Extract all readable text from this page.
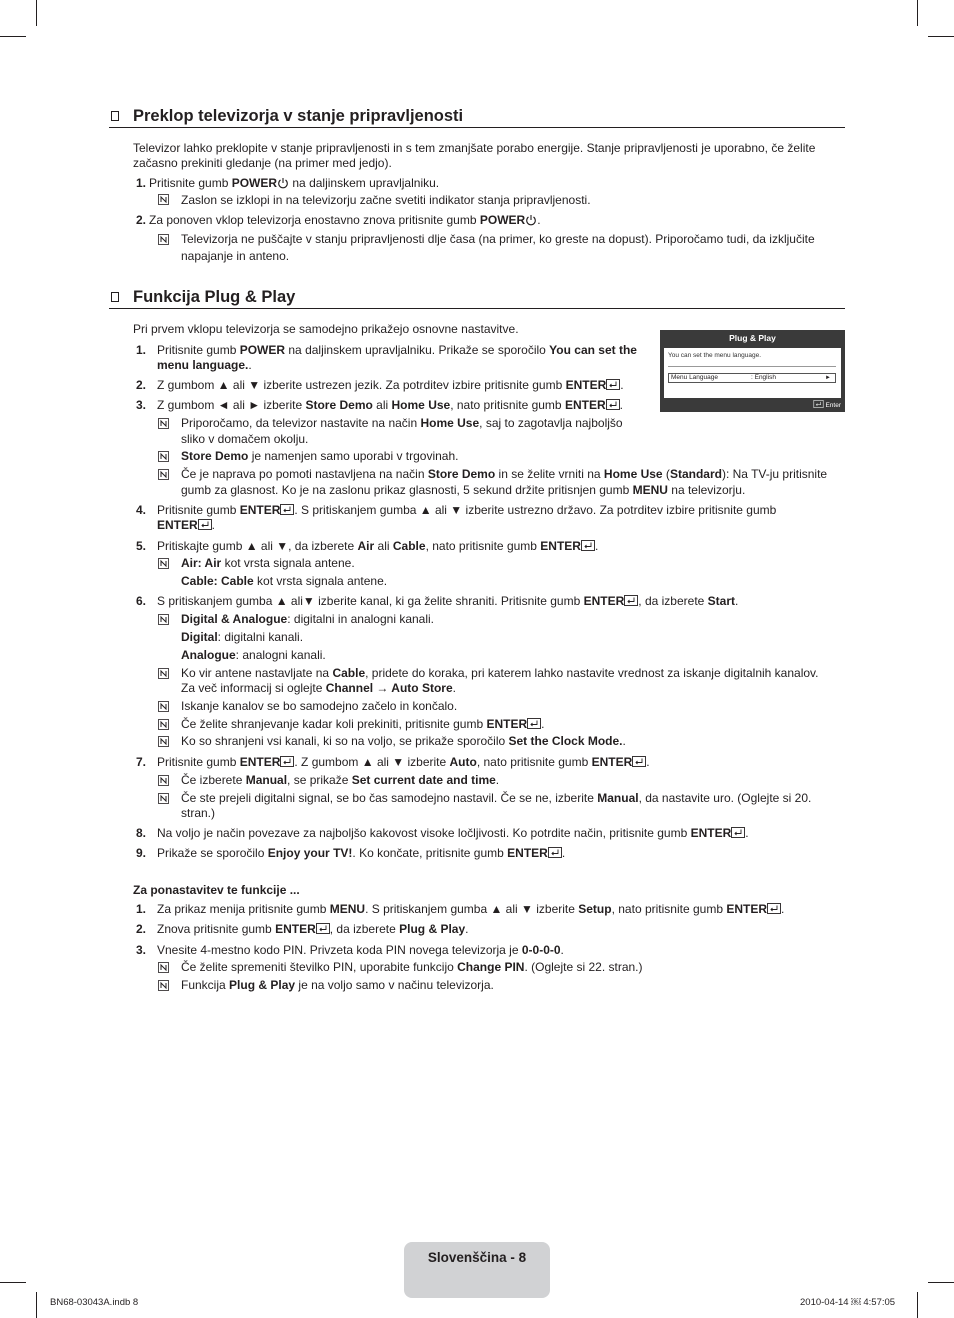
Preklop televizorja v stanje pripravljenosti
Televizor lahko preklopite v stanje pripravljenosti in s tem zmanjšate porabo energije. Stanje pripravljenosti je uporabno, če želite
začasno prekiniti gledanje (na primer med jedjo).
1. Pritisnite gumb POWER na daljinskem upravljalniku.
Zaslon se izklopi in na televizorju začne svetiti indikator stanja pripravljenosti.
2. Za ponoven vklop televizorja enostavno znova pritisnite gumb POWER .
Televizorja ne puščajte v stanju pripravljenosti dlje časa (na primer, ko greste na dopust). Priporočamo tudi, da izključite
napajanje in anteno.
Funkcija Plug & Play
Pri prvem vklopu televizorja se samodejno prikažejo osnovne nastavitve.
Plug & Play
You can set the menu language.
Menu Language	: English	►
Enter
1. Pritisnite gumb POWER na daljinskem upravljalniku. Prikaže se sporočilo You can set the
menu language..
2. Z gumbom ▲ ali ▼ izberite ustrezen jezik. Za potrditev izbire pritisnite gumb ENTER .
3. Z gumbom ◄ ali ► izberite Store Demo ali Home Use, nato pritisnite gumb ENTER .
Priporočamo, da televizor nastavite na način Home Use, saj to zagotavlja najboljšo
sliko v domačem okolju.
Store Demo je namenjen samo uporabi v trgovinah.
Če je naprava po pomoti nastavljena na način Store Demo in se želite vrniti na Home Use (Standard): Na TV-ju pritisnite
gumb za glasnost. Ko je na zaslonu prikaz glasnosti, 5 sekund držite pritisnjen gumb MENU na televizorju.
4. Pritisnite gumb ENTER . S pritiskanjem gumba ▲ ali ▼ izberite ustrezno državo. Za potrditev izbire pritisnite gumb
ENTER .
5. Pritiskajte gumb ▲ ali ▼, da izberete Air ali Cable, nato pritisnite gumb ENTER .
Air: Air kot vrsta signala antene.
Cable: Cable kot vrsta signala antene.
6. S pritiskanjem gumba ▲ ali▼ izberite kanal, ki ga želite shraniti. Pritisnite gumb ENTER , da izberete Start.
Digital & Analogue: digitalni in analogni kanali.
Digital: digitalni kanali.
Analogue: analogni kanali.
Ko vir antene nastavljate na Cable, pridete do koraka, pri katerem lahko nastavite vrednost za iskanje digitalnih kanalov.
Za več informacij si oglejte Channel → Auto Store.
Iskanje kanalov se bo samodejno začelo in končalo.
Če želite shranjevanje kadar koli prekiniti, pritisnite gumb ENTER .
Ko so shranjeni vsi kanali, ki so na voljo, se prikaže sporočilo Set the Clock Mode..
7. Pritisnite gumb ENTER . Z gumbom ▲ ali ▼ izberite Auto, nato pritisnite gumb ENTER .
Če izberete Manual, se prikaže Set current date and time.
Če ste prejeli digitalni signal, se bo čas samodejno nastavil. Če se ne, izberite Manual, da nastavite uro. (Oglejte si 20.
stran.)
8. Na voljo je način povezave za najboljšo kakovost visoke ločljivosti. Ko potrdite način, pritisnite gumb ENTER .
9. Prikaže se sporočilo Enjoy your TV!. Ko končate, pritisnite gumb ENTER .
Za ponastavitev te funkcije ...
1. Za prikaz menija pritisnite gumb MENU. S pritiskanjem gumba ▲ ali ▼ izberite Setup, nato pritisnite gumb ENTER .
2. Znova pritisnite gumb ENTER , da izberete Plug & Play.
3. Vnesite 4-mestno kodo PIN. Privzeta koda PIN novega televizorja je 0-0-0-0.
Če želite spremeniti številko PIN, uporabite funkcijo Change PIN. (Oglejte si 22. stran.)
Funkcija Plug & Play je na voljo samo v načinu televizorja.
Slovenščina - 8
BN68-03043A.indb 8	2010-04-14 ￼ 4:57:05
